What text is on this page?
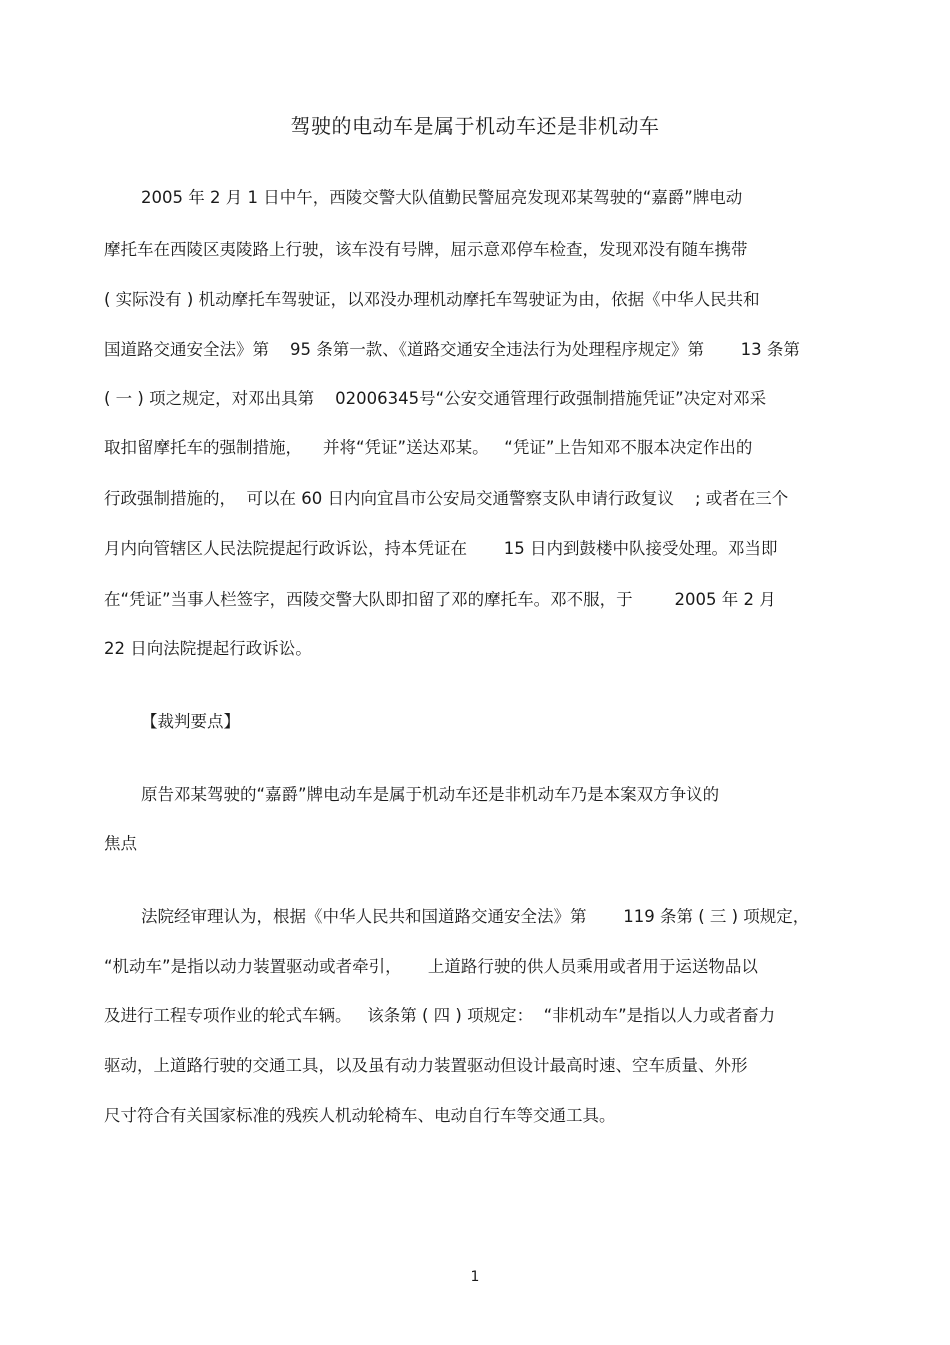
驾驶的电动车是属于机动车还是非机动车
2005 年 2 月 1 日中午，西陵交警大队值勤民警屈亮发现邓某驾驶的“嘉爵”牌电动
摩托车在西陵区夷陵路上行驶，该车没有号牌，屈示意邓停车检查，发现邓没有随车携带
( 实际没有 ) 机动摩托车驾驶证，以邓没办理机动摩托车驾驶证为由，依据《中华人民共和
国道路交通安全法》第    95 条第一款、《道路交通安全违法行为处理程序规定》第       13 条第
( 一 ) 项之规定，对邓出具第    02006345号“公安交通管理行政强制措施凭证”决定对邓采
取扣留摩托车的强制措施，    并将“凭证”送达邓某。   “凭证”上告知邓不服本决定作出的
行政强制措施的，  可以在 60 日内向宜昌市公安局交通警察支队申请行政复议    ; 或者在三个
月内向管辖区人民法院提起行政诉讼，持本凭证在       15 日内到鼓楼中队接受处理。邓当即
在“凭证”当事人栏签字，西陵交警大队即扣留了邓的摩托车。邓不服，于        2005 年 2 月
22 日向法院提起行政诉讼。
【裁判要点】
原告邓某驾驶的“嘉爵”牌电动车是属于机动车还是非机动车乃是本案双方争议的
焦点
法院经审理认为，根据《中华人民共和国道路交通安全法》第       119 条第 ( 三 ) 项规定，
“机动车”是指以动力装置驱动或者牵引，     上道路行驶的供人员乘用或者用于运送物品以
及进行工程专项作业的轮式车辆。   该条第 ( 四 ) 项规定：  “非机动车”是指以人力或者畜力
驱动，上道路行驶的交通工具，以及虽有动力装置驱动但设计最高时速、空车质量、外形
尺寸符合有关国家标准的残疾人机动轮椅车、电动自行车等交通工具。
1
